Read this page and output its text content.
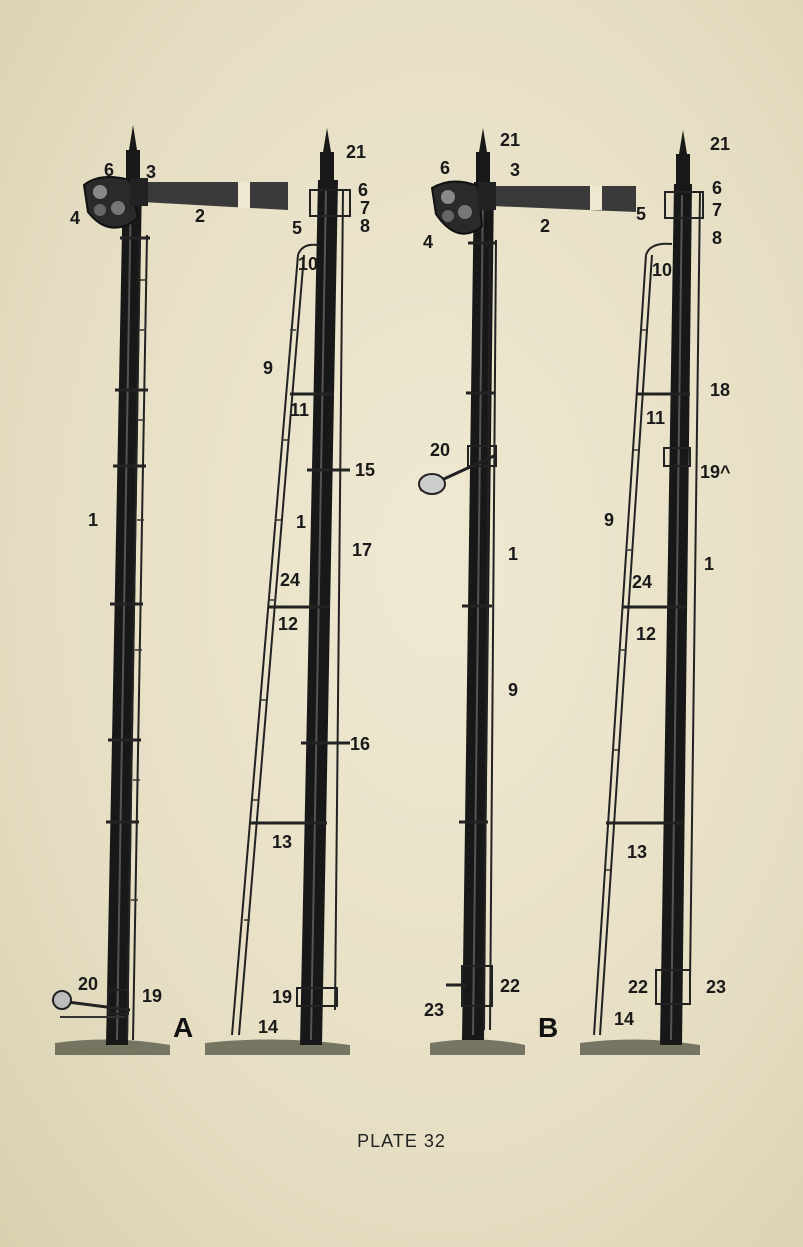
6 3
4	2
1
20
19
21
6
7
5	8
10
9
11
15
1
17
24
12
16
13
19
14
A
21
6	3
4
2
20
1
9
22
23
21
6
5	7
8
10
18
11
19^
9
1
24
12
13
22	23
14
B
PLATE 32
